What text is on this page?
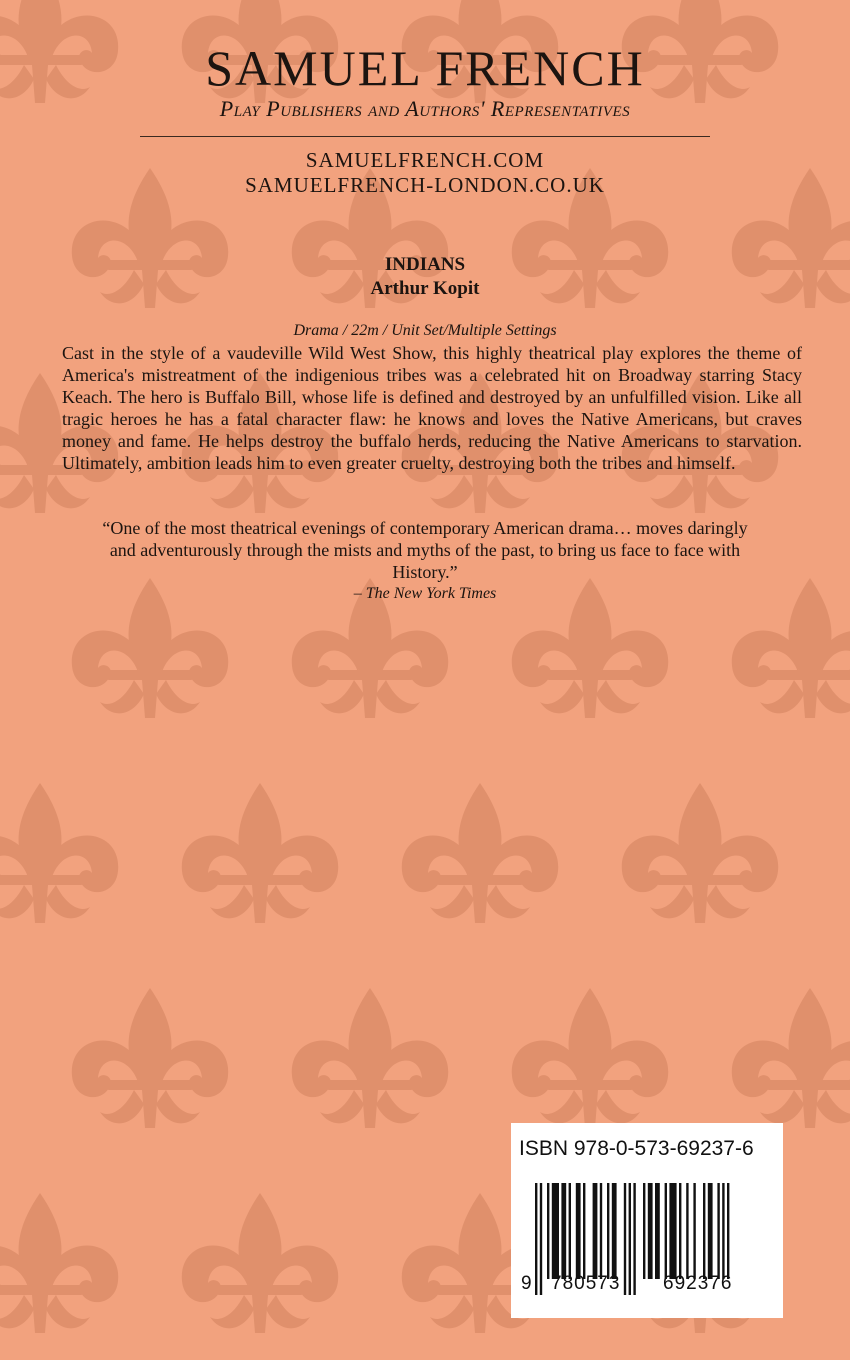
SAMUEL FRENCH
Play Publishers and Authors' Representatives
SAMUELFRENCH.COM
SAMUELFRENCH-LONDON.CO.UK
INDIANS
Arthur Kopit
Drama / 22m / Unit Set/Multiple Settings
Cast in the style of a vaudeville Wild West Show, this highly theatrical play explores the theme of America's mistreatment of the indigenious tribes was a celebrated hit on Broadway starring Stacy Keach. The hero is Buffalo Bill, whose life is defined and destroyed by an unfulfilled vision. Like all tragic heroes he has a fatal character flaw: he knows and loves the Native Americans, but craves money and fame. He helps destroy the buffalo herds, reducing the Native Americans to starvation. Ultimately, ambition leads him to even greater cruelty, destroying both the tribes and himself.
“One of the most theatrical evenings of contemporary American drama… moves daringly and adventurously through the mists and myths of the past, to bring us face to face with History.”
– The New York Times
ISBN 978-0-573-69237-6
9 780573 692376
